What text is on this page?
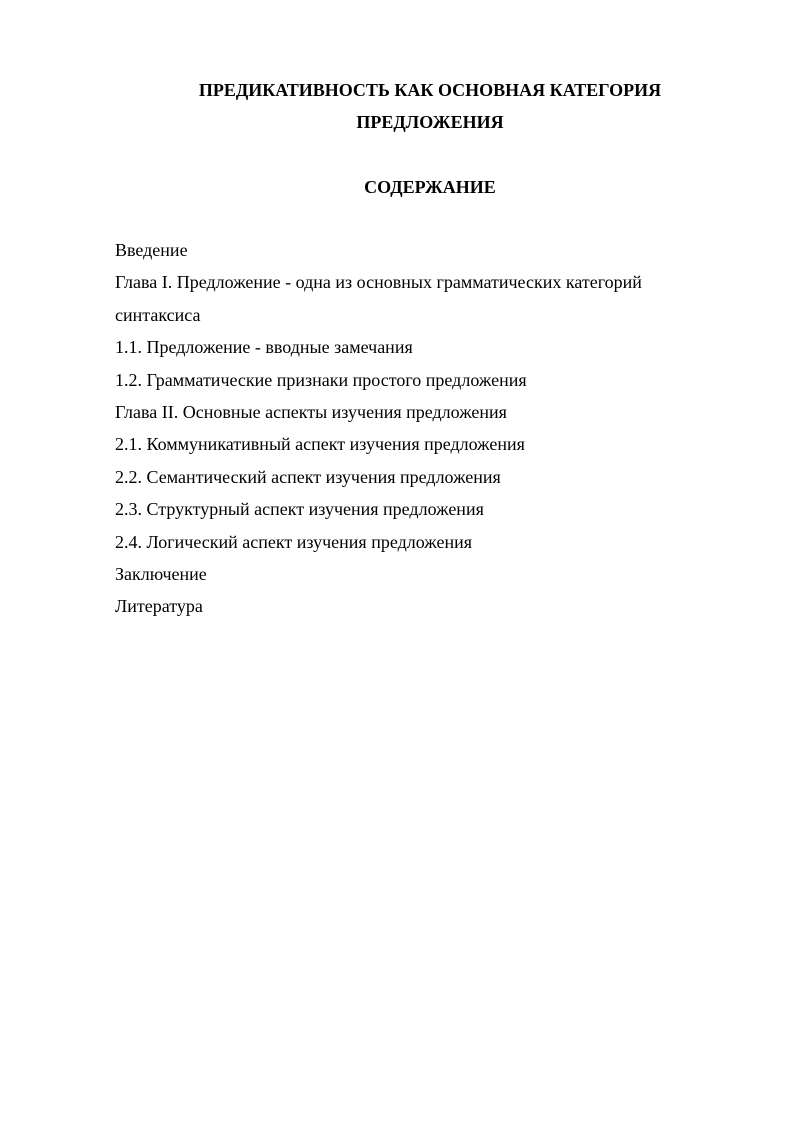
ПРЕДИКАТИВНОСТЬ КАК ОСНОВНАЯ КАТЕГОРИЯ
ПРЕДЛОЖЕНИЯ
СОДЕРЖАНИЕ
Введение
Глава I. Предложение - одна из основных грамматических категорий
синтаксиса
1.1. Предложение - вводные замечания
1.2. Грамматические признаки простого предложения
Глава II. Основные аспекты изучения предложения
2.1. Коммуникативный аспект изучения предложения
2.2. Семантический аспект изучения предложения
2.3. Структурный аспект изучения предложения
2.4. Логический аспект изучения предложения
Заключение
Литература
